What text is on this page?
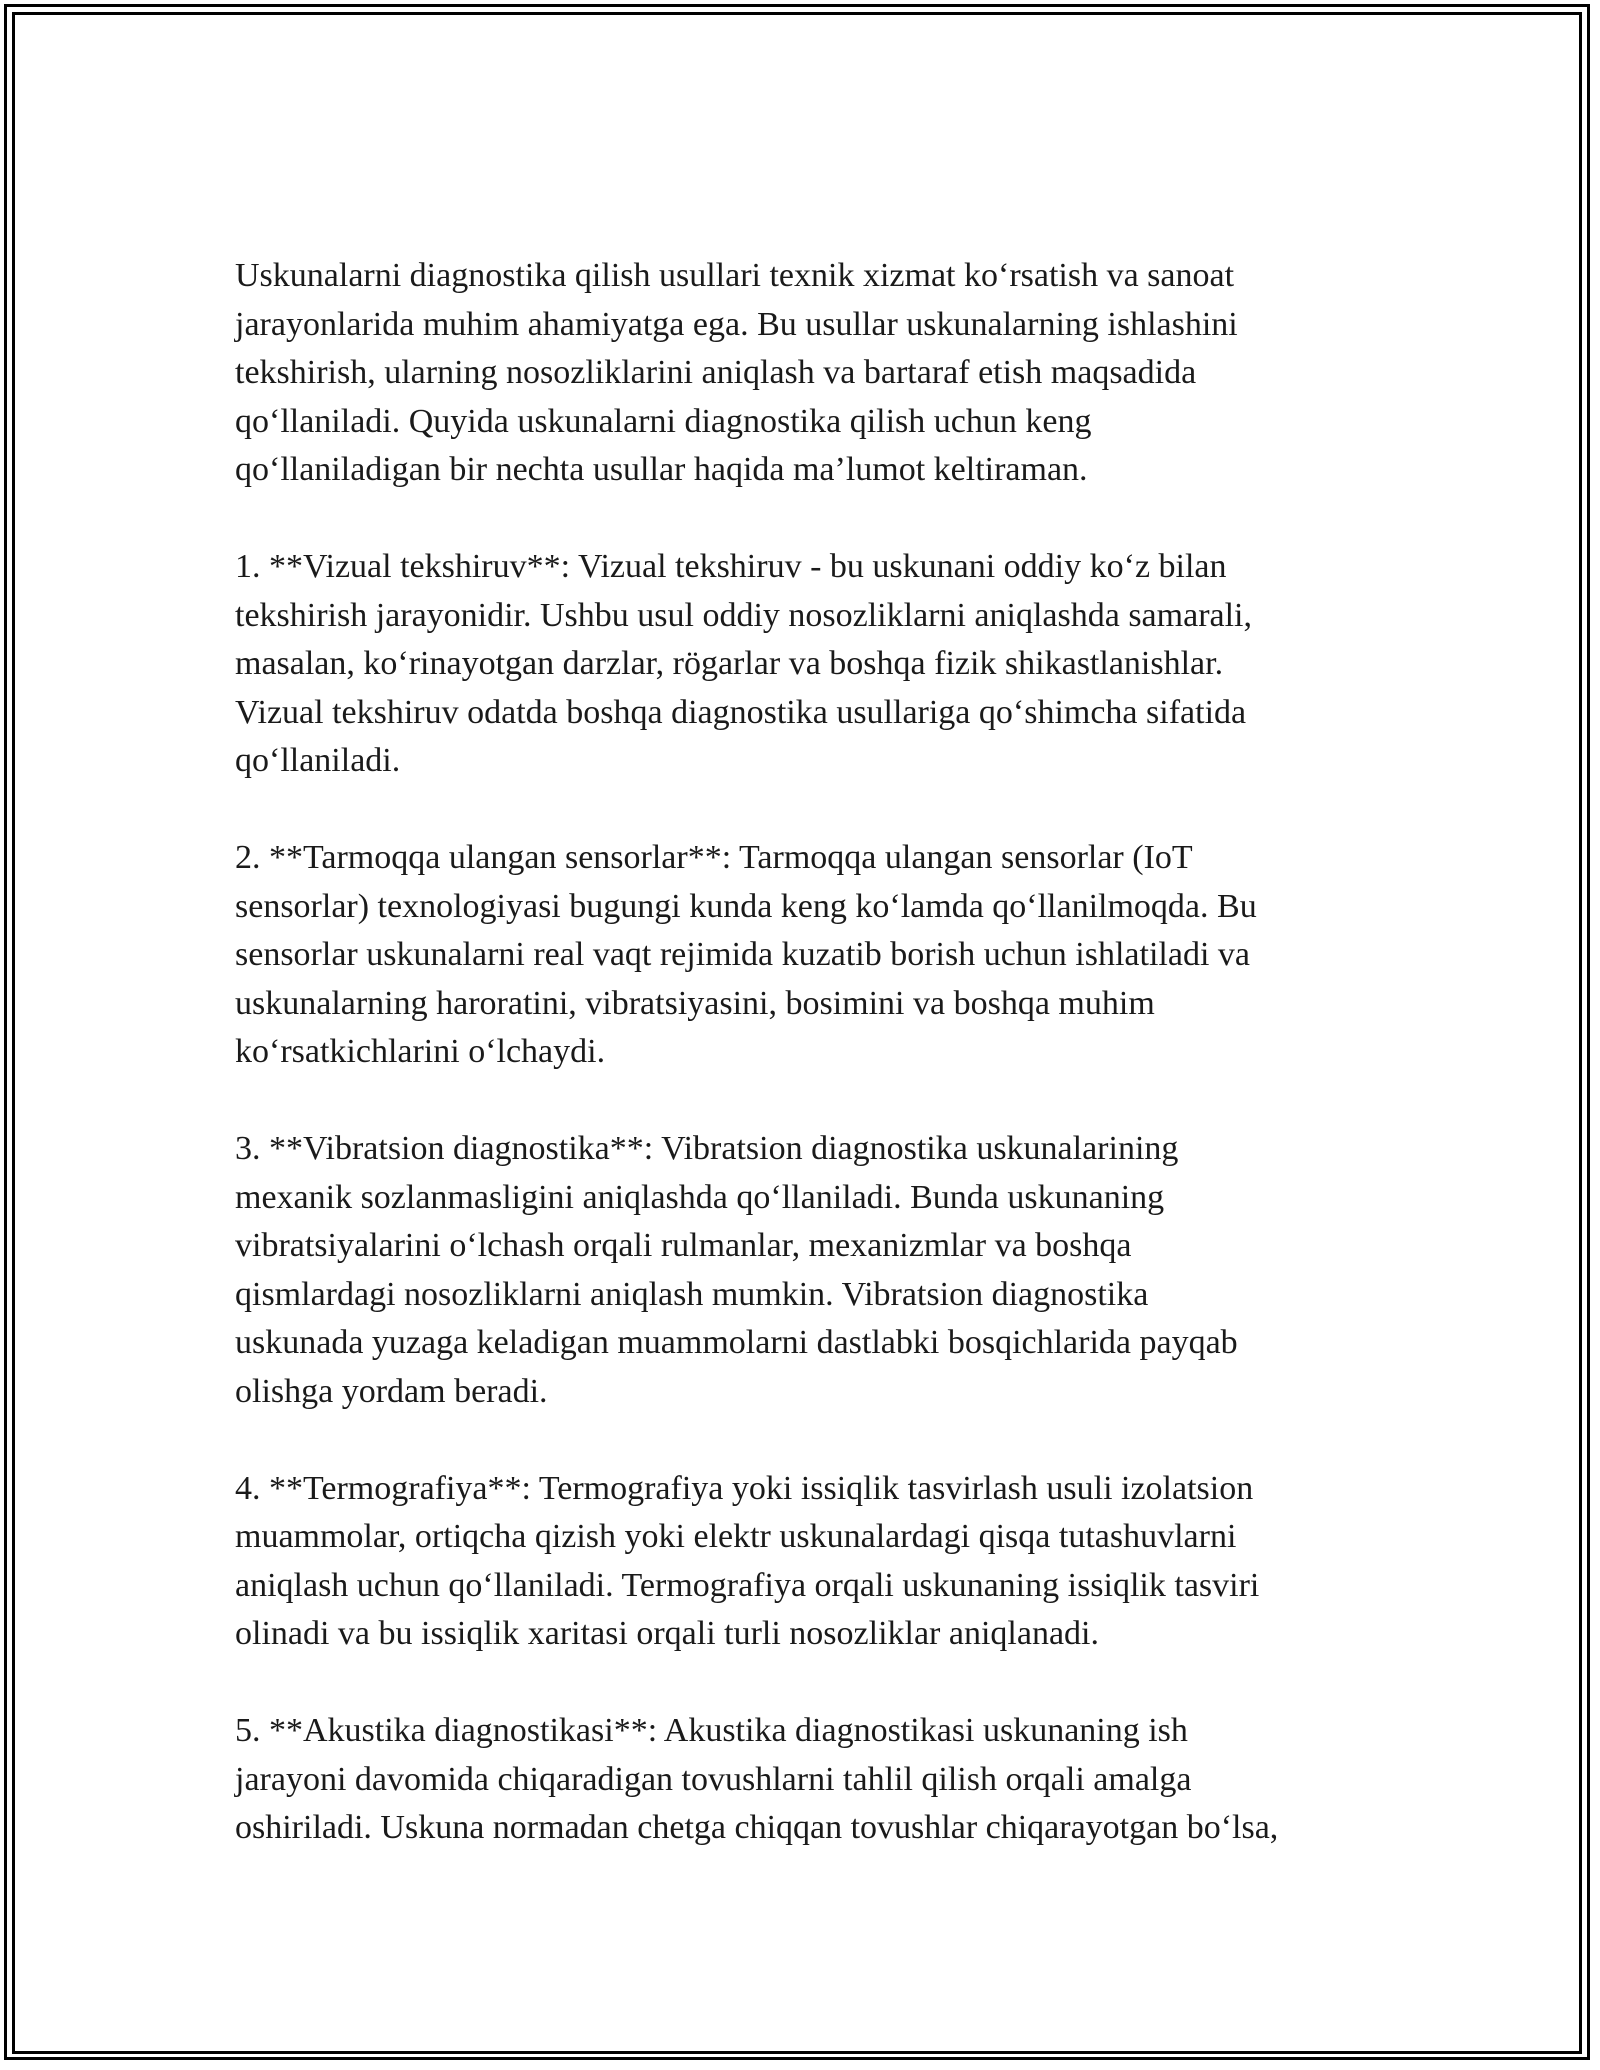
Uskunalarni diagnostika qilish usullari texnik xizmat ko‘rsatish va sanoat
jarayonlarida muhim ahamiyatga ega. Bu usullar uskunalarning ishlashini
tekshirish, ularning nosozliklarini aniqlash va bartaraf etish maqsadida
qo‘llaniladi. Quyida uskunalarni diagnostika qilish uchun keng
qo‘llaniladigan bir nechta usullar haqida ma’lumot keltiraman.

1. **Vizual tekshiruv**: Vizual tekshiruv - bu uskunani oddiy ko‘z bilan
tekshirish jarayonidir. Ushbu usul oddiy nosozliklarni aniqlashda samarali,
masalan, ko‘rinayotgan darzlar, rögarlar va boshqa fizik shikastlanishlar.
Vizual tekshiruv odatda boshqa diagnostika usullariga qo‘shimcha sifatida
qo‘llaniladi.

2. **Tarmoqqa ulangan sensorlar**: Tarmoqqa ulangan sensorlar (IoT
sensorlar) texnologiyasi bugungi kunda keng ko‘lamda qo‘llanilmoqda. Bu
sensorlar uskunalarni real vaqt rejimida kuzatib borish uchun ishlatiladi va
uskunalarning haroratini, vibratsiyasini, bosimini va boshqa muhim
ko‘rsatkichlarini o‘lchaydi.

3. **Vibratsion diagnostika**: Vibratsion diagnostika uskunalarining
mexanik sozlanmasligini aniqlashda qo‘llaniladi. Bunda uskunaning
vibratsiyalarini o‘lchash orqali rulmanlar, mexanizmlar va boshqa
qismlardagi nosozliklarni aniqlash mumkin. Vibratsion diagnostika
uskunada yuzaga keladigan muammolarni dastlabki bosqichlarida payqab
olishga yordam beradi.

4. **Termografiya**: Termografiya yoki issiqlik tasvirlash usuli izolatsion
muammolar, ortiqcha qizish yoki elektr uskunalardagi qisqa tutashuvlarni
aniqlash uchun qo‘llaniladi. Termografiya orqali uskunaning issiqlik tasviri
olinadi va bu issiqlik xaritasi orqali turli nosozliklar aniqlanadi.

5. **Akustika diagnostikasi**: Akustika diagnostikasi uskunaning ish
jarayoni davomida chiqaradigan tovushlarni tahlil qilish orqali amalga
oshiriladi. Uskuna normadan chetga chiqqan tovushlar chiqarayotgan bo‘lsa,
